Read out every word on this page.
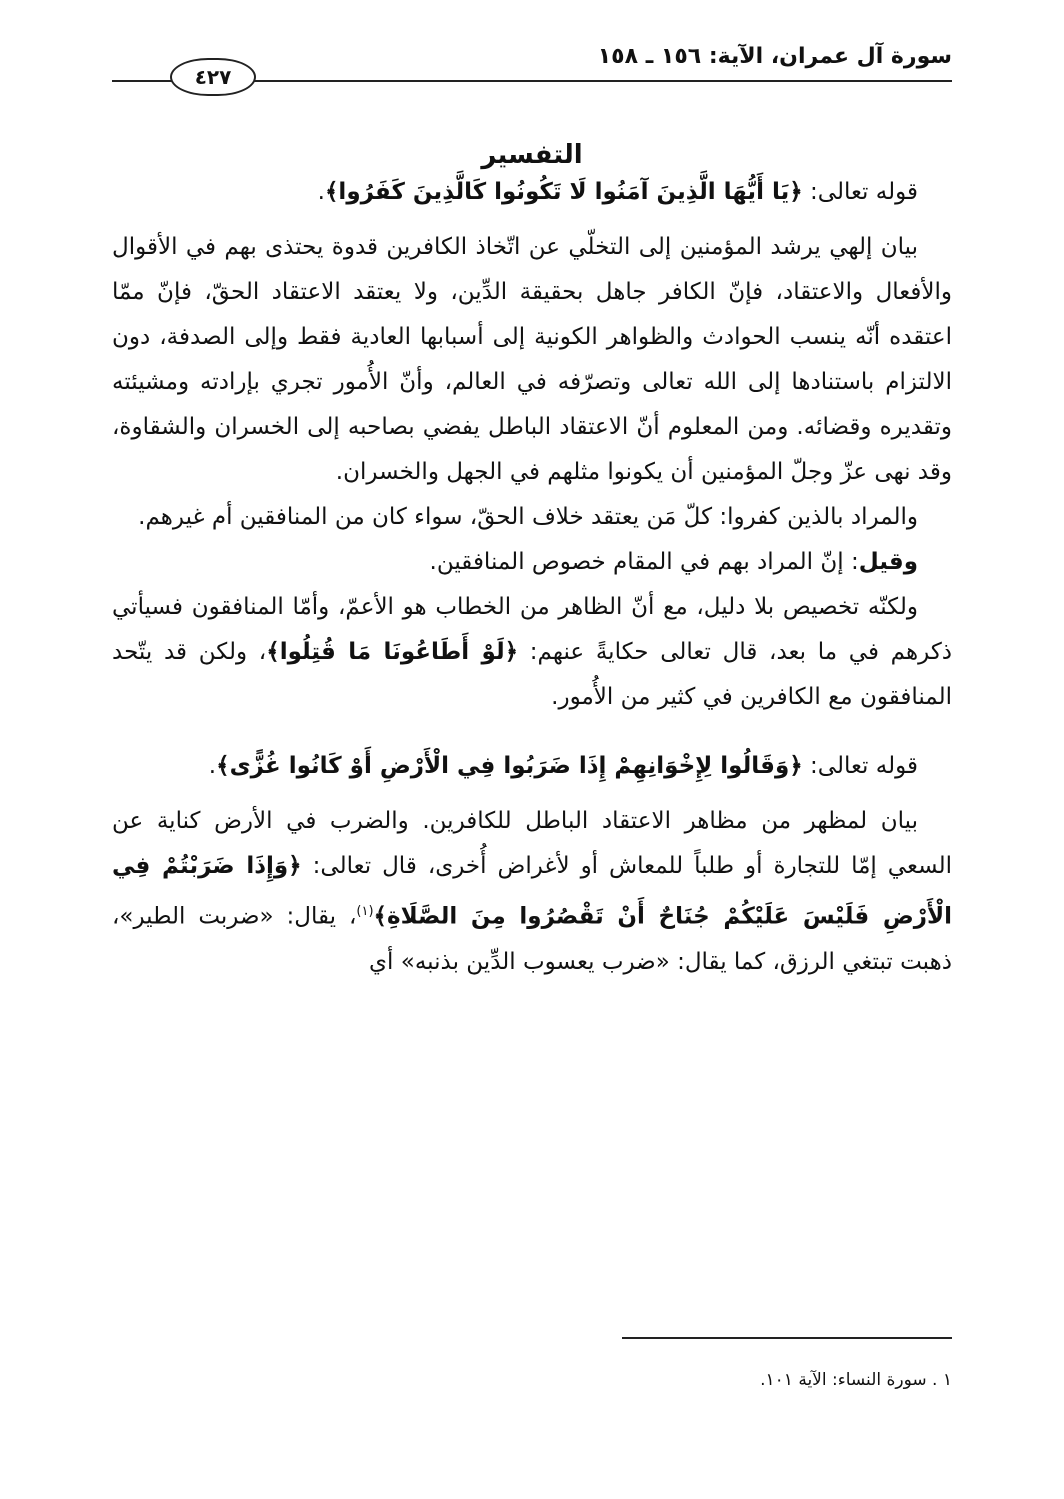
سورة آل عمران، الآية: ١٥٦ ـ ١٥٨
٤٢٧
التفسير

قوله تعالى: ﴿يَا أَيُّهَا الَّذِينَ آمَنُوا لَا تَكُونُوا كَالَّذِينَ كَفَرُوا﴾.

بيان إلهي يرشد المؤمنين إلى التخلّي عن اتّخاذ الكافرين قدوة يحتذى بهم في الأقوال والأفعال والاعتقاد، فإنّ الكافر جاهل بحقيقة الدِّين، ولا يعتقد الاعتقاد الحقّ، فإنّ ممّا اعتقده أنّه ينسب الحوادث والظواهر الكونية إلى أسبابها العادية فقط وإلى الصدفة، دون الالتزام باستنادها إلى الله تعالى وتصرّفه في العالم، وأنّ الأُمور تجري بإرادته ومشيئته وتقديره وقضائه. ومن المعلوم أنّ الاعتقاد الباطل يفضي بصاحبه إلى الخسران والشقاوة، وقد نهى عزّ وجلّ المؤمنين أن يكونوا مثلهم في الجهل والخسران.

والمراد بالذين كفروا: كلّ مَن يعتقد خلاف الحقّ، سواء كان من المنافقين أم غيرهم.

وقيل: إنّ المراد بهم في المقام خصوص المنافقين.

ولكنّه تخصيص بلا دليل، مع أنّ الظاهر من الخطاب هو الأعمّ، وأمّا المنافقون فسيأتي ذكرهم في ما بعد، قال تعالى حكايةً عنهم: ﴿لَوْ أَطَاعُونَا مَا قُتِلُوا﴾، ولكن قد يتّحد المنافقون مع الكافرين في كثير من الأُمور.

قوله تعالى: ﴿وَقَالُوا لِإِخْوَانِهِمْ إِذَا ضَرَبُوا فِي الْأَرْضِ أَوْ كَانُوا غُزًّى﴾.

بيان لمظهر من مظاهر الاعتقاد الباطل للكافرين. والضرب في الأرض كناية عن السعي إمّا للتجارة أو طلباً للمعاش أو لأغراض أُخرى، قال تعالى: ﴿وَإِذَا ضَرَبْتُمْ فِي الْأَرْضِ فَلَيْسَ عَلَيْكُمْ جُنَاحٌ أَنْ تَقْصُرُوا مِنَ الصَّلَاةِ﴾$^{(١)}$، يقال: «ضربت الطير»، ذهبت تبتغي الرزق، كما يقال: «ضرب يعسوب الدِّين بذنبه» أي

١ . سورة النساء: الآية ١٠١.
